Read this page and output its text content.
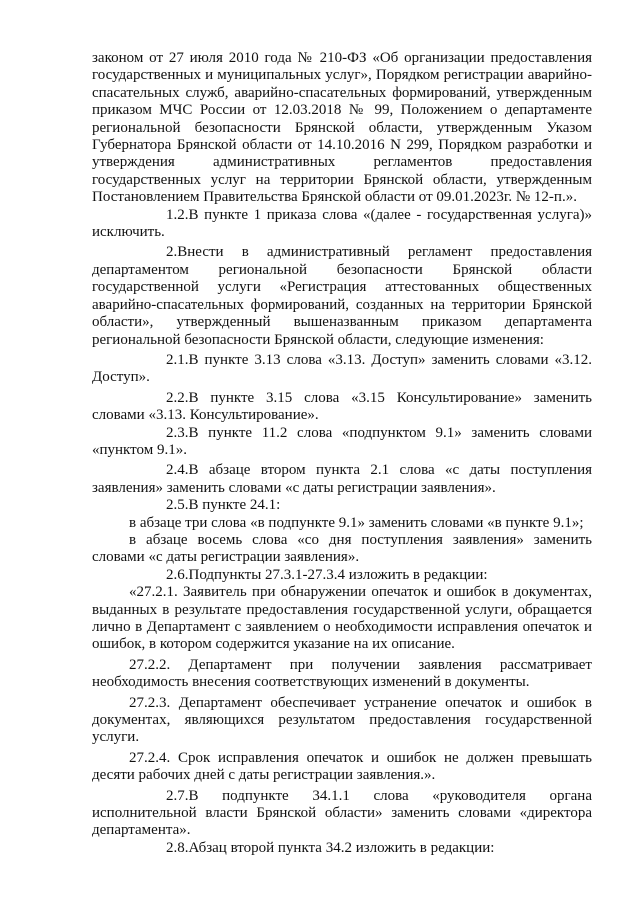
законом от 27 июля 2010 года № 210-ФЗ «Об организации предоставления государственных и муниципальных услуг», Порядком регистрации аварийно-спасательных служб, аварийно-спасательных формирований, утвержденным приказом МЧС России от 12.03.2018 № 99, Положением о департаменте региональной безопасности Брянской области, утвержденным Указом Губернатора Брянской области от 14.10.2016 N 299, Порядком разработки и утверждения административных регламентов предоставления государственных услуг на территории Брянской области, утвержденным Постановлением Правительства Брянской области от 09.01.2023г. № 12-п.».

1.2.В пункте 1 приказа слова «(далее - государственная услуга)» исключить.

2.Внести в административный регламент предоставления департаментом региональной безопасности Брянской области государственной услуги «Регистрация аттестованных общественных аварийно-спасательных формирований, созданных на территории Брянской области», утвержденный вышеназванным приказом департамента региональной безопасности Брянской области, следующие изменения:

2.1.В пункте 3.13 слова «3.13. Доступ» заменить словами «3.12. Доступ».

2.2.В пункте 3.15 слова «3.15 Консультирование» заменить словами «3.13. Консультирование».

2.3.В пункте 11.2 слова «подпунктом 9.1» заменить словами «пунктом 9.1».

2.4.В абзаце втором пункта 2.1 слова «с даты поступления заявления» заменить словами «с даты регистрации заявления».

2.5.В пункте 24.1:

в абзаце три слова «в подпункте 9.1» заменить словами «в пункте 9.1»;

в абзаце восемь слова «со дня поступления заявления» заменить словами «с даты регистрации заявления».

2.6.Подпункты 27.3.1-27.3.4 изложить в редакции:

«27.2.1. Заявитель при обнаружении опечаток и ошибок в документах, выданных в результате предоставления государственной услуги, обращается лично в Департамент с заявлением о необходимости исправления опечаток и ошибок, в котором содержится указание на их описание.

27.2.2. Департамент при получении заявления рассматривает необходимость внесения соответствующих изменений в документы.

27.2.3. Департамент обеспечивает устранение опечаток и ошибок в документах, являющихся результатом предоставления государственной услуги.

27.2.4. Срок исправления опечаток и ошибок не должен превышать десяти рабочих дней с даты регистрации заявления.».

2.7.В подпункте 34.1.1 слова «руководителя органа исполнительной власти Брянской области» заменить словами «директора департамента».

2.8.Абзац второй пункта 34.2 изложить в редакции:
